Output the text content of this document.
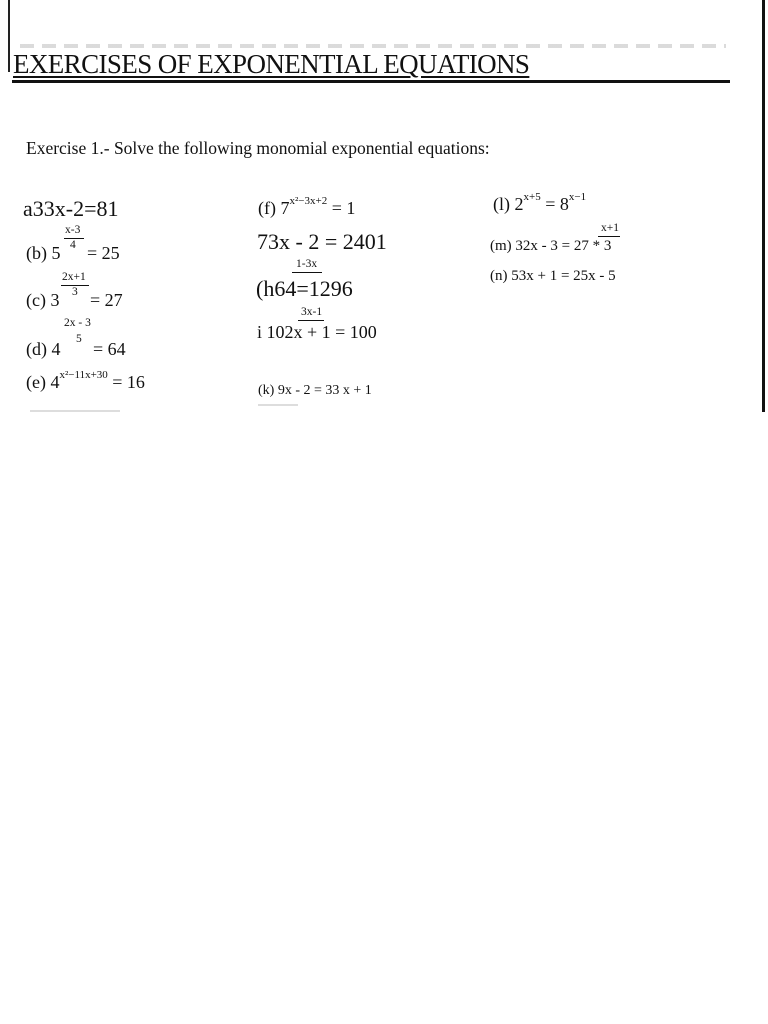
EXERCISES OF EXPONENTIAL EQUATIONS
Exercise 1.- Solve the following monomial exponential equations:
a33x-2=81
(b) 5
x-3
4 = 25
(c) 3
2x+1
3 = 27
(d) 4
2x - 3
5 = 64
(e) $4^{x^2-11x+30} = 16$
(f) $7^{x^2-3x+2} = 1$
73x - 2 = 2401
1-3x
(h64=1296
3x-1
i 102x + 1 = 100
(k) 9x - 2 = 33 x + 1
(l) $2^{x+5} = 8^{x-1}$
x+1
(m) 32x - 3 = 27 * 3
(n) 53x + 1 = 25x - 5
